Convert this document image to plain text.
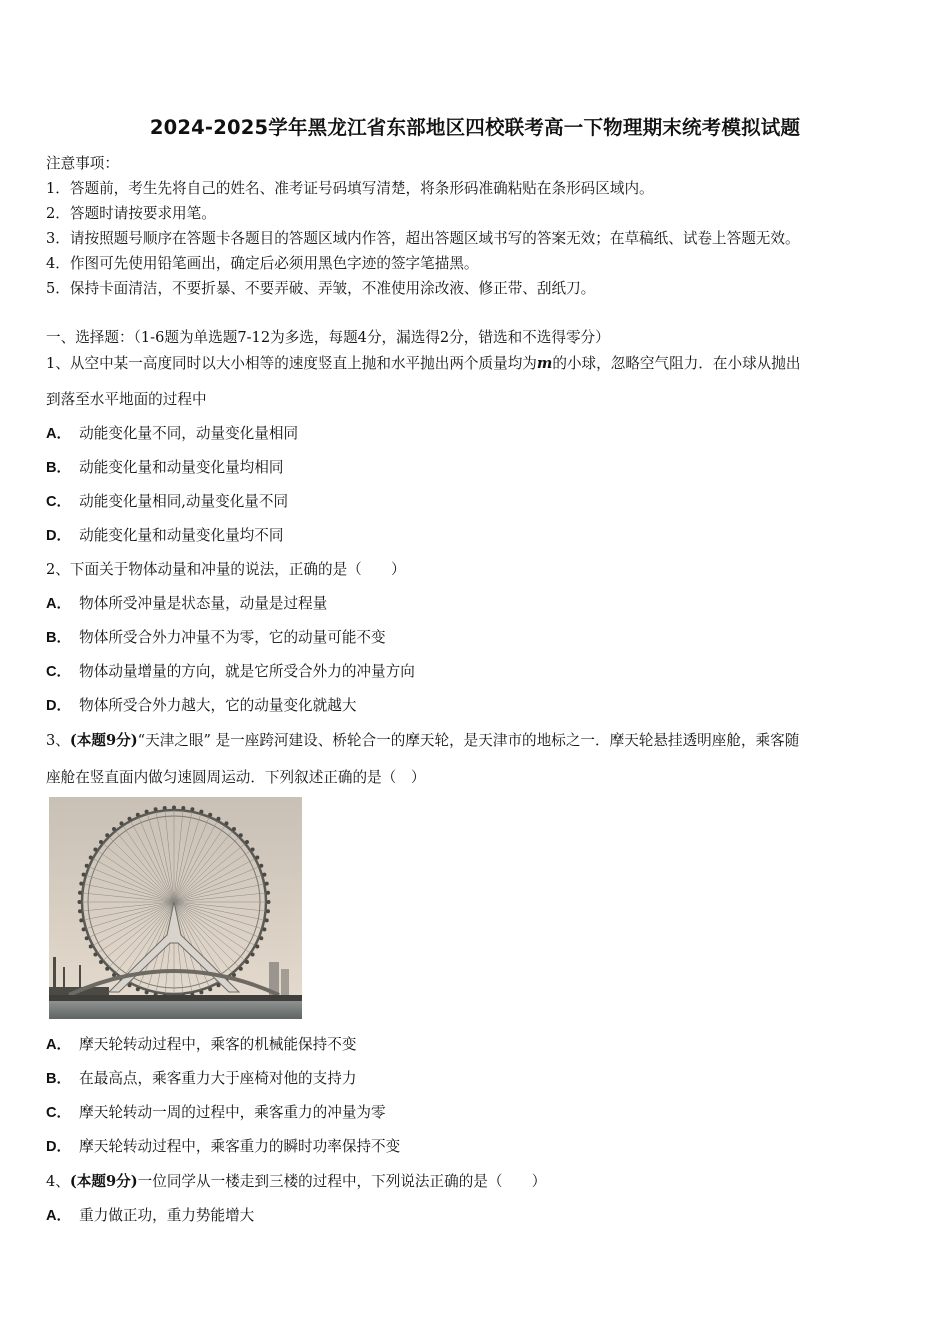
2024-2025学年黑龙江省东部地区四校联考高一下物理期末统考模拟试题
注意事项：
1．答题前，考生先将自己的姓名、准考证号码填写清楚，将条形码准确粘贴在条形码区域内。
2．答题时请按要求用笔。
3．请按照题号顺序在答题卡各题目的答题区域内作答，超出答题区域书写的答案无效；在草稿纸、试卷上答题无效。
4．作图可先使用铅笔画出，确定后必须用黑色字迹的签字笔描黑。
5．保持卡面清洁，不要折暴、不要弄破、弄皱，不准使用涂改液、修正带、刮纸刀。
一、选择题：（1-6题为单选题7-12为多选，每题4分，漏选得2分，错选和不选得零分）
1、从空中某一高度同时以大小相等的速度竖直上抛和水平抛出两个质量均为m的小球，忽略空气阻力．在小球从抛出
到落至水平地面的过程中
A． 动能变化量不同，动量变化量相同
B． 动能变化量和动量变化量均相同
C． 动能变化量相同,动量变化量不同
D． 动能变化量和动量变化量均不同
2、下面关于物体动量和冲量的说法，正确的是（　　）
A． 物体所受冲量是状态量，动量是过程量
B． 物体所受合外力冲量不为零，它的动量可能不变
C． 物体动量增量的方向，就是它所受合外力的冲量方向
D． 物体所受合外力越大，它的动量变化就越大
3、(本题9分)“天津之眼” 是一座跨河建设、桥轮合一的摩天轮，是天津市的地标之一．摩天轮悬挂透明座舱，乘客随
座舱在竖直面内做匀速圆周运动．下列叙述正确的是（　）
A． 摩天轮转动过程中，乘客的机械能保持不变
B． 在最高点，乘客重力大于座椅对他的支持力
C． 摩天轮转动一周的过程中，乘客重力的冲量为零
D． 摩天轮转动过程中，乘客重力的瞬时功率保持不变
4、(本题9分)一位同学从一楼走到三楼的过程中，下列说法正确的是（　　）
A． 重力做正功，重力势能增大
